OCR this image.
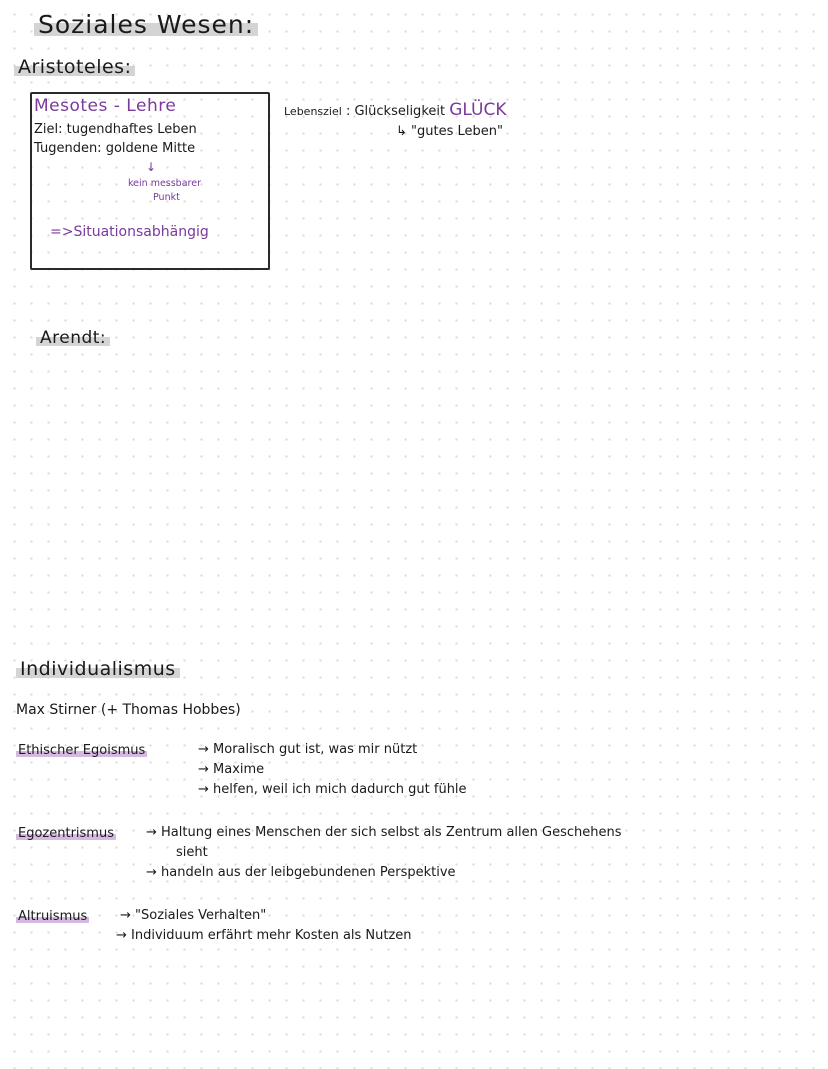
Soziales Wesen:
Aristoteles:
Mesotes - Lehre
Ziel: tugendhaftes Leben
Tugenden: goldene Mitte
↓
kein messbarer
Punkt
=>Situationsabhängig
Lebensziel : Glückseligkeit GLÜCK
↳ "gutes Leben"
Arendt:
Individualismus
Max Stirner (+ Thomas Hobbes)
Ethischer Egoismus	→ Moralisch gut ist, was mir nützt
→ Maxime
→ helfen, weil ich mich dadurch gut fühle
Egozentrismus → Haltung eines Menschen der sich selbst als Zentrum allen Geschehens
sieht
→ handeln aus der leibgebundenen Perspektive
Altruismus	→ "Soziales Verhalten"
→ Individuum erfährt mehr Kosten als Nutzen
